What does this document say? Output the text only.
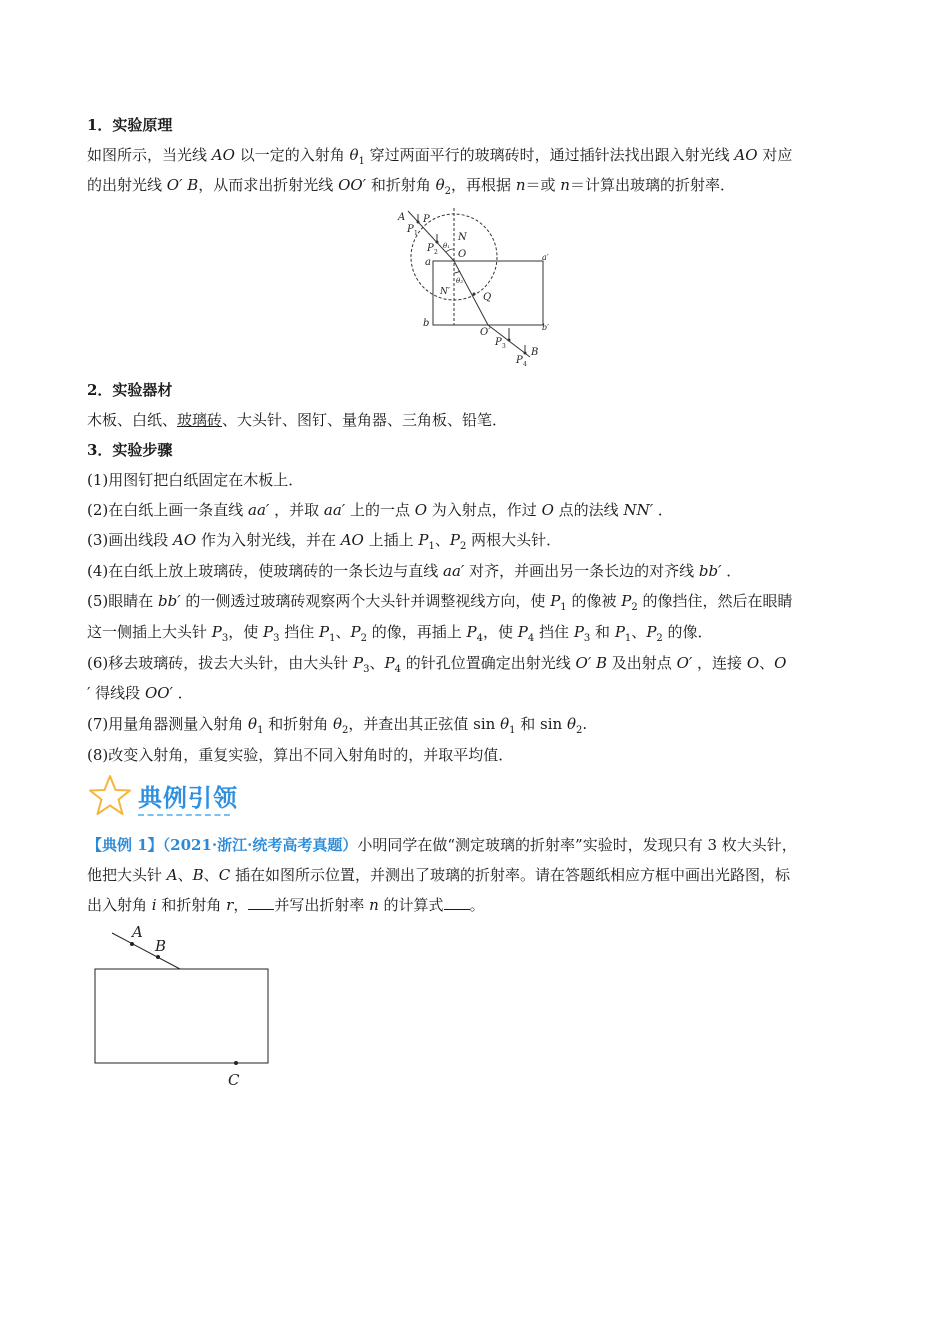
1．实验原理
如图所示，当光线 AO 以一定的入射角 $\theta_1$ 穿过两面平行的玻璃砖时，通过插针法找出跟入射光线 AO 对应
的出射光线 O′ B，从而求出折射光线 OO′ 和折射角 $\theta_2$，再根据 n＝或 n＝计算出玻璃的折射率．
A P
P 1
P 2
θ₁
N
O
a	a′
θ₂
N′	Q
b	b′
O′
P 3
P 4
B
2．实验器材
木板、白纸、玻璃砖、大头针、图钉、量角器、三角板、铅笔．
3．实验步骤
(1)用图钉把白纸固定在木板上．
(2)在白纸上画一条直线 aa′ ，并取 aa′ 上的一点 O 为入射点，作过 O 点的法线 NN′ ．
(3)画出线段 AO 作为入射光线，并在 AO 上插上 $P_1$、$P_2$ 两根大头针．
(4)在白纸上放上玻璃砖，使玻璃砖的一条长边与直线 aa′ 对齐，并画出另一条长边的对齐线 bb′ ．
(5)眼睛在 bb′ 的一侧透过玻璃砖观察两个大头针并调整视线方向，使 $P_1$ 的像被 $P_2$ 的像挡住，然后在眼睛
这一侧插上大头针 $P_3$，使 $P_3$ 挡住 $P_1$、$P_2$ 的像，再插上 $P_4$，使 $P_4$ 挡住 $P_3$ 和 $P_1$、$P_2$ 的像．
(6)移去玻璃砖，拔去大头针，由大头针 $P_3$、$P_4$ 的针孔位置确定出射光线 O′ B 及出射点 O′ ，连接 O、O
′ 得线段 OO′ ．
(7)用量角器测量入射角 $\theta_1$ 和折射角 $\theta_2$，并查出其正弦值 $\sin \theta_1$ 和 $\sin \theta_2$.
(8)改变入射角，重复实验，算出不同入射角时的，并取平均值．
典例引领
【典例 1】（2021·浙江·统考高考真题）小明同学在做“测定玻璃的折射率”实验时，发现只有 3 枚大头针，
他把大头针 A、B、C 插在如图所示位置，并测出了玻璃的折射率。请在答题纸相应方框中画出光路图，标
出入射角 i 和折射角 r， 并写出折射率 n 的计算式 。
A
B
C
